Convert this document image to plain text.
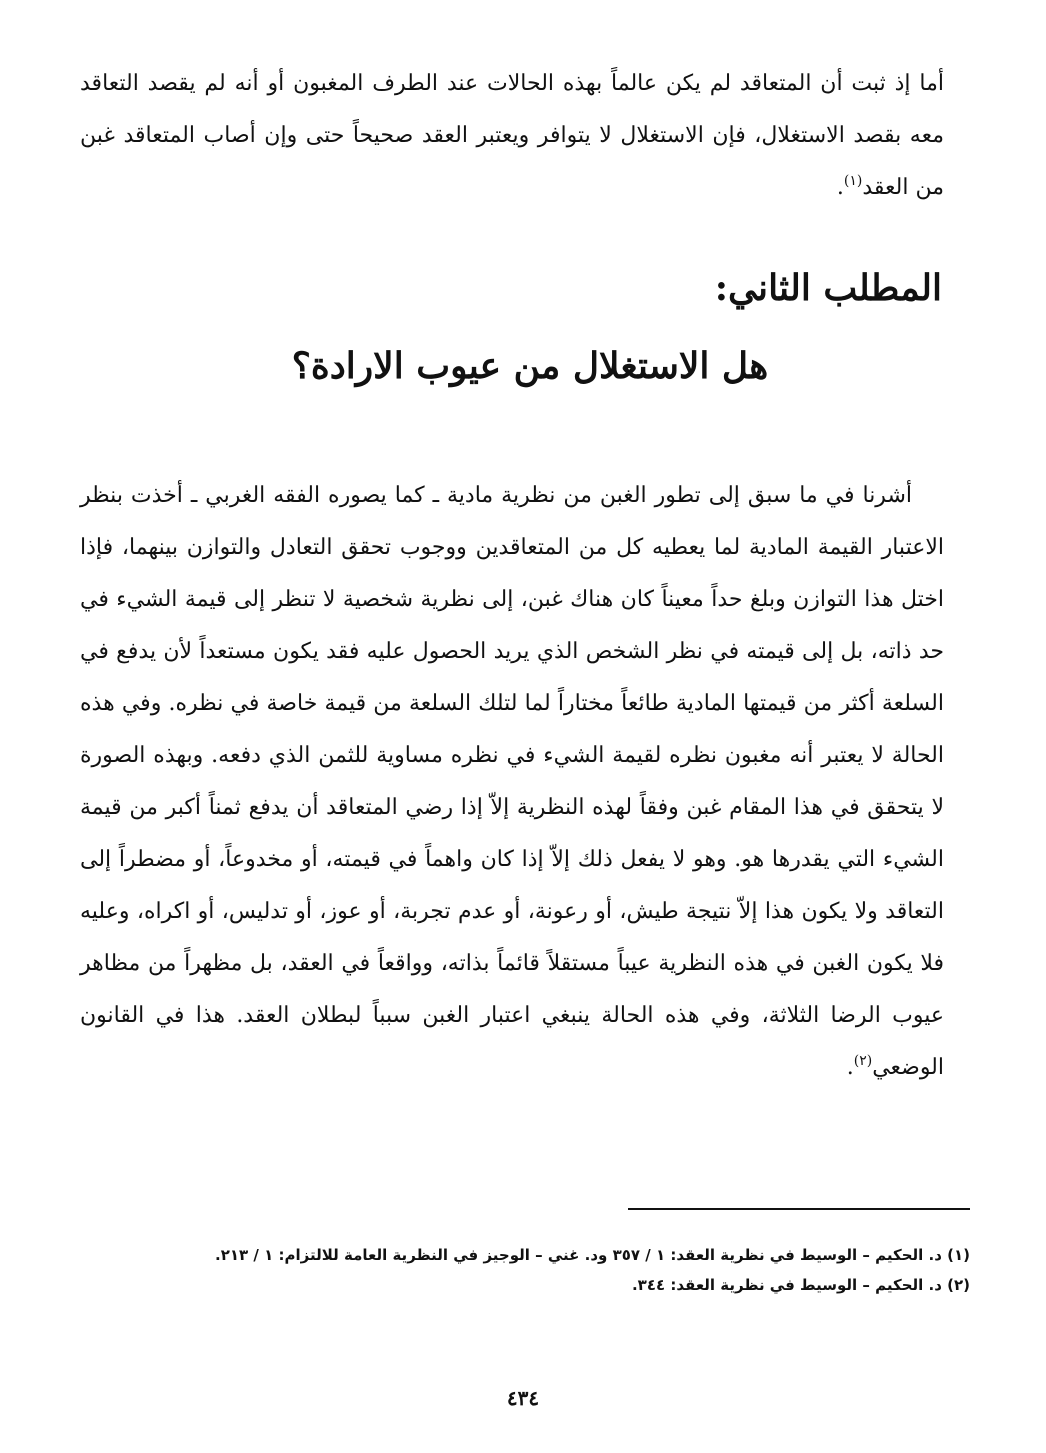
أما إذ ثبت أن المتعاقد لم يكن عالماً بهذه الحالات عند الطرف المغبون أو أنه لم يقصد التعاقد معه بقصد الاستغلال، فإن الاستغلال لا يتوافر ويعتبر العقد صحيحاً حتى وإن أصاب المتعاقد غبن من العقد$^{(١)}$.

المطلب الثاني:
هل الاستغلال من عيوب الارادة؟

أشرنا في ما سبق إلى تطور الغبن من نظرية مادية ـ كما يصوره الفقه الغربي ـ أخذت بنظر الاعتبار القيمة المادية لما يعطيه كل من المتعاقدين ووجوب تحقق التعادل والتوازن بينهما، فإذا اختل هذا التوازن وبلغ حداً معيناً كان هناك غبن، إلى نظرية شخصية لا تنظر إلى قيمة الشيء في حد ذاته، بل إلى قيمته في نظر الشخص الذي يريد الحصول عليه فقد يكون مستعداً لأن يدفع في السلعة أكثر من قيمتها المادية طائعاً مختاراً لما لتلك السلعة من قيمة خاصة في نظره. وفي هذه الحالة لا يعتبر أنه مغبون نظره لقيمة الشيء في نظره مساوية للثمن الذي دفعه. وبهذه الصورة لا يتحقق في هذا المقام غبن وفقاً لهذه النظرية إلاّ إذا رضي المتعاقد أن يدفع ثمناً أكبر من قيمة الشيء التي يقدرها هو. وهو لا يفعل ذلك إلاّ إذا كان واهماً في قيمته، أو مخدوعاً، أو مضطراً إلى التعاقد ولا يكون هذا إلاّ نتيجة طيش، أو رعونة، أو عدم تجربة، أو عوز، أو تدليس، أو اكراه، وعليه فلا يكون الغبن في هذه النظرية عيباً مستقلاً قائماً بذاته، وواقعاً في العقد، بل مظهراً من مظاهر عيوب الرضا الثلاثة، وفي هذه الحالة ينبغي اعتبار الغبن سبباً لبطلان العقد. هذا في القانون الوضعي$^{(٢)}$.

(١) د. الحكيم – الوسيط في نظرية العقد: ١ / ٣٥٧ ود. غني – الوجيز في النظرية العامة للالتزام: ١ / ٢١٣.
(٢) د. الحكيم – الوسيط في نظرية العقد: ٣٤٤.
٤٣٤
